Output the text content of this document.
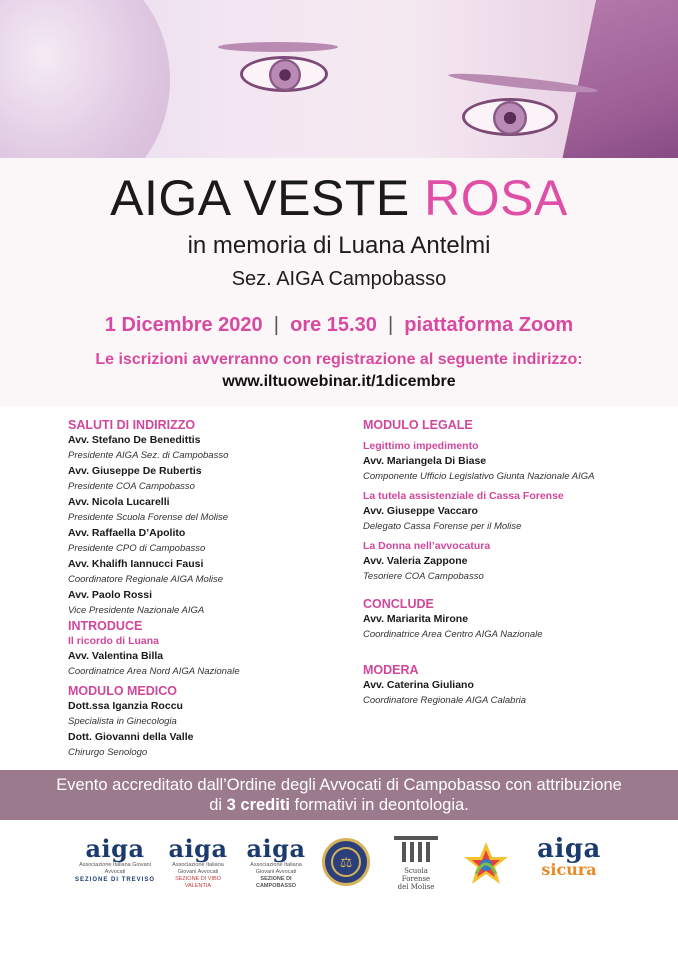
AIGA VESTE ROSA
in memoria di Luana Antelmi
Sez. AIGA Campobasso
1 Dicembre 2020  |  ore 15.30  |  piattaforma Zoom
Le iscrizioni avverranno con registrazione al seguente indirizzo:
www.iltuowebinar.it/1dicembre
SALUTI DI INDIRIZZO
Avv. Stefano De Benedittis
Presidente AIGA Sez. di Campobasso
Avv. Giuseppe De Rubertis
Presidente COA Campobasso
Avv. Nicola Lucarelli
Presidente Scuola Forense del Molise
Avv. Raffaella D’Apolito
Presidente CPO di Campobasso
Avv. Khalifh Iannucci Fausi
Coordinatore Regionale AIGA Molise
Avv. Paolo Rossi
Vice Presidente Nazionale AIGA
INTRODUCE
Il ricordo di Luana
Avv. Valentina Billa
Coordinatrice Area Nord AIGA Nazionale
MODULO MEDICO
Dott.ssa Iganzia Roccu
Specialista in Ginecologia
Dott. Giovanni della Valle
Chirurgo Senologo
MODULO LEGALE
Legittimo impedimento
Avv. Mariangela Di Biase
Componente Ufficio Legislativo Giunta Nazionale AIGA
La tutela assistenziale di Cassa Forense
Avv. Giuseppe Vaccaro
Delegato Cassa Forense per il Molise
La Donna nell’avvocatura
Avv. Valeria Zappone
Tesoriere COA Campobasso
CONCLUDE
Avv. Mariarita Mirone
Coordinatrice Area Centro AIGA Nazionale
MODERA
Avv. Caterina Giuliano
Coordinatore Regionale AIGA Calabria
Evento accreditato dall’Ordine degli Avvocati di Campobasso con attribuzione
di 3 crediti formativi in deontologia.
aiga
Associazione Italiana Giovani Avvocati
SEZIONE DI TREVISO
aiga
Associazione Italiana Giovani Avvocati
SEZIONE DI VIBO VALENTIA
aiga
Associazione Italiana Giovani Avvocati
SEZIONE DI CAMPOBASSO
⚖
Scuola Forense
del Molise
aiga
sicura
